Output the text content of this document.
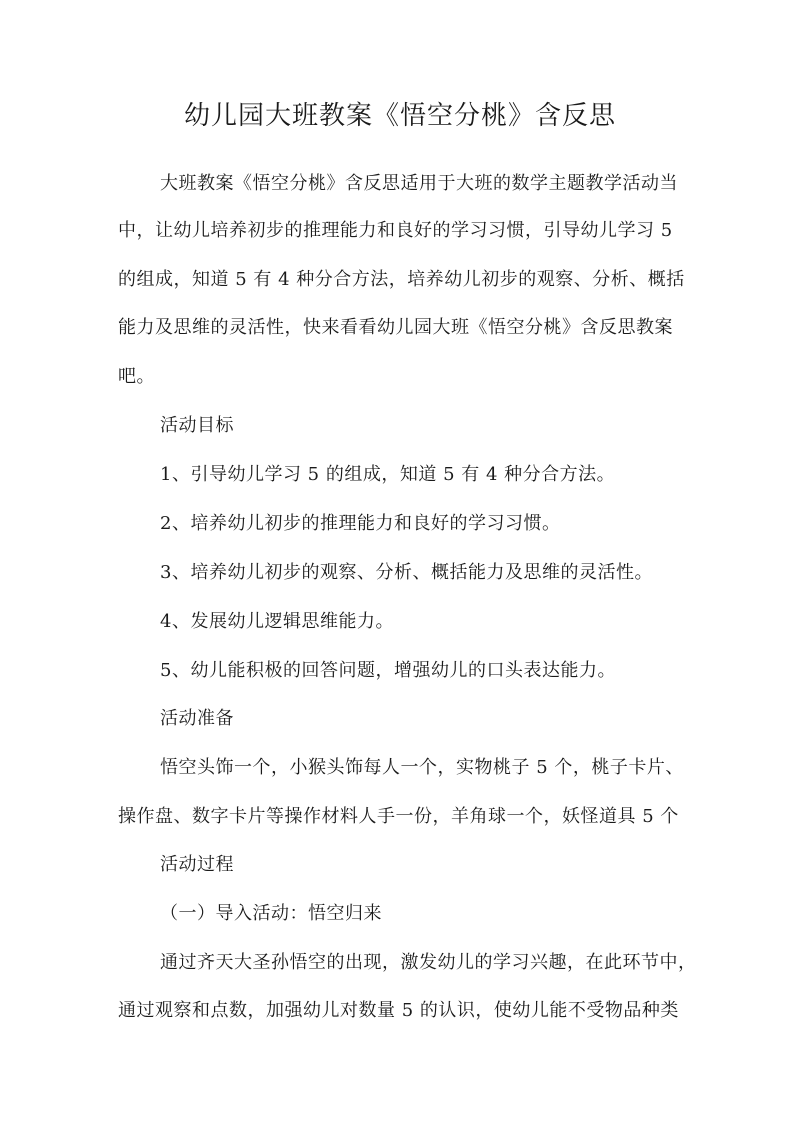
幼儿园大班教案《悟空分桃》含反思

大班教案《悟空分桃》含反思适用于大班的数学主题教学活动当

中，让幼儿培养初步的推理能力和良好的学习习惯，引导幼儿学习 5

的组成，知道 5 有 4 种分合方法，培养幼儿初步的观察、分析、概括

能力及思维的灵活性，快来看看幼儿园大班《悟空分桃》含反思教案

吧。

活动目标

1、引导幼儿学习 5 的组成，知道 5 有 4 种分合方法。

2、培养幼儿初步的推理能力和良好的学习习惯。

3、培养幼儿初步的观察、分析、概括能力及思维的灵活性。

4、发展幼儿逻辑思维能力。

5、幼儿能积极的回答问题，增强幼儿的口头表达能力。

活动准备

悟空头饰一个，小猴头饰每人一个，实物桃子 5 个，桃子卡片、

操作盘、数字卡片等操作材料人手一份，羊角球一个，妖怪道具 5 个

活动过程

（一）导入活动：悟空归来

通过齐天大圣孙悟空的出现，激发幼儿的学习兴趣，在此环节中，

通过观察和点数，加强幼儿对数量 5 的认识，使幼儿能不受物品种类
